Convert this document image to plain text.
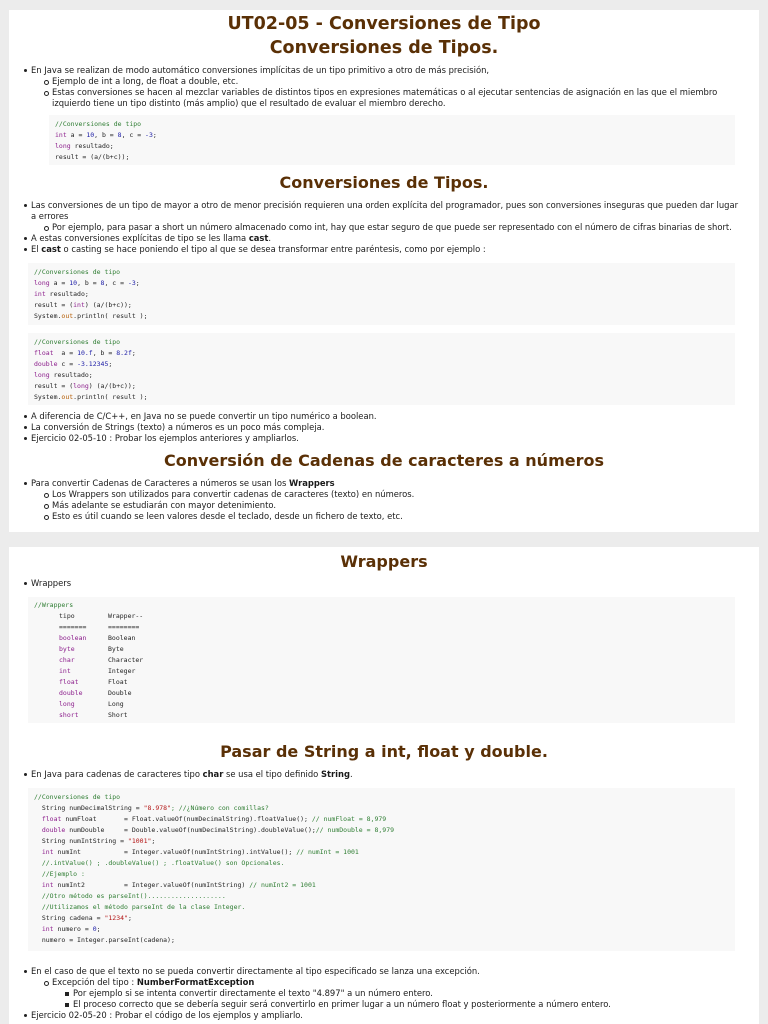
UT02-05 - Conversiones de Tipo
Conversiones de Tipos.
En Java se realizan de modo automático conversiones implícitas de un tipo primitivo a otro de más precisión,
Ejemplo de int a long, de float a double, etc.
Estas conversiones se hacen al mezclar variables de distintos tipos en expresiones matemáticas o al ejecutar sentencias de asignación en las que el miembro izquierdo tiene un tipo distinto (más amplio) que el resultado de evaluar el miembro derecho.
//Conversiones de tipo
int a = 10, b = 8, c = -3;
long resultado;
result = (a/(b+c));
Conversiones de Tipos.
Las conversiones de un tipo de mayor a otro de menor precisión requieren una orden explícita del programador, pues son conversiones inseguras que pueden dar lugar a errores
Por ejemplo, para pasar a short un número almacenado como int, hay que estar seguro de que puede ser representado con el número de cifras binarias de short.
A estas conversiones explícitas de tipo se les llama cast.
El cast o casting se hace poniendo el tipo al que se desea transformar entre paréntesis, como por ejemplo :
//Conversiones de tipo
long a = 10, b = 8, c = -3;
int resultado;
result = (int) (a/(b+c));
System.out.println( result );
//Conversiones de tipo
float  a = 10.f, b = 8.2f;
double c = -3.12345;
long resultado;
result = (long) (a/(b+c));
System.out.println( result );
A diferencia de C/C++, en Java no se puede convertir un tipo numérico a boolean.
La conversión de Strings (texto) a números es un poco más compleja.
Ejercicio 02-05-10 : Probar los ejemplos anteriores y ampliarlos.
Conversión de Cadenas de caracteres a números
Para convertir Cadenas de Caracteres a números se usan los Wrappers
Los Wrappers son utilizados para convertir cadenas de caracteres (texto) en números.
Más adelante se estudiarán con mayor detenimiento.
Esto es útil cuando se leen valores desde el teclado, desde un fichero de texto, etc.
Wrappers
Wrappers
//Wrappers
tipo	Wrapper--
=======	========
boolean	Boolean
byte	Byte
char	Character
int	Integer
float	Float
double	Double
long	Long
short	Short
Pasar de String a int, float y double.
En Java para cadenas de caracteres tipo char se usa el tipo definido String.
//Conversiones de tipo
String numDecimalString = "8.978"; //¿Número con comillas?
float numFloat       = Float.valueOf(numDecimalString).floatValue(); // numFloat = 8,979
double numDouble     = Double.valueOf(numDecimalString).doubleValue();// numDouble = 8,979
String numIntString = "1001";
int numInt           = Integer.valueOf(numIntString).intValue(); // numInt = 1001
//.intValue() ; .doubleValue() ; .floatValue() son Opcionales.
//Ejemplo :
int numInt2          = Integer.valueOf(numIntString) // numInt2 = 1001
//Otro método es parseInt()....................
//Utilizamos el método parseInt de la clase Integer.
String cadena = "1234";
int numero = 0;
numero = Integer.parseInt(cadena);
En el caso de que el texto no se pueda convertir directamente al tipo especificado se lanza una excepción.
Excepción del tipo : NumberFormatException
Por ejemplo si se intenta convertir directamente el texto "4.897" a un número entero.
El proceso correcto que se debería seguir será convertirlo en primer lugar a un número float y posteriormente a número entero.
Ejercicio 02-05-20 : Probar el código de los ejemplos y ampliarlo.
